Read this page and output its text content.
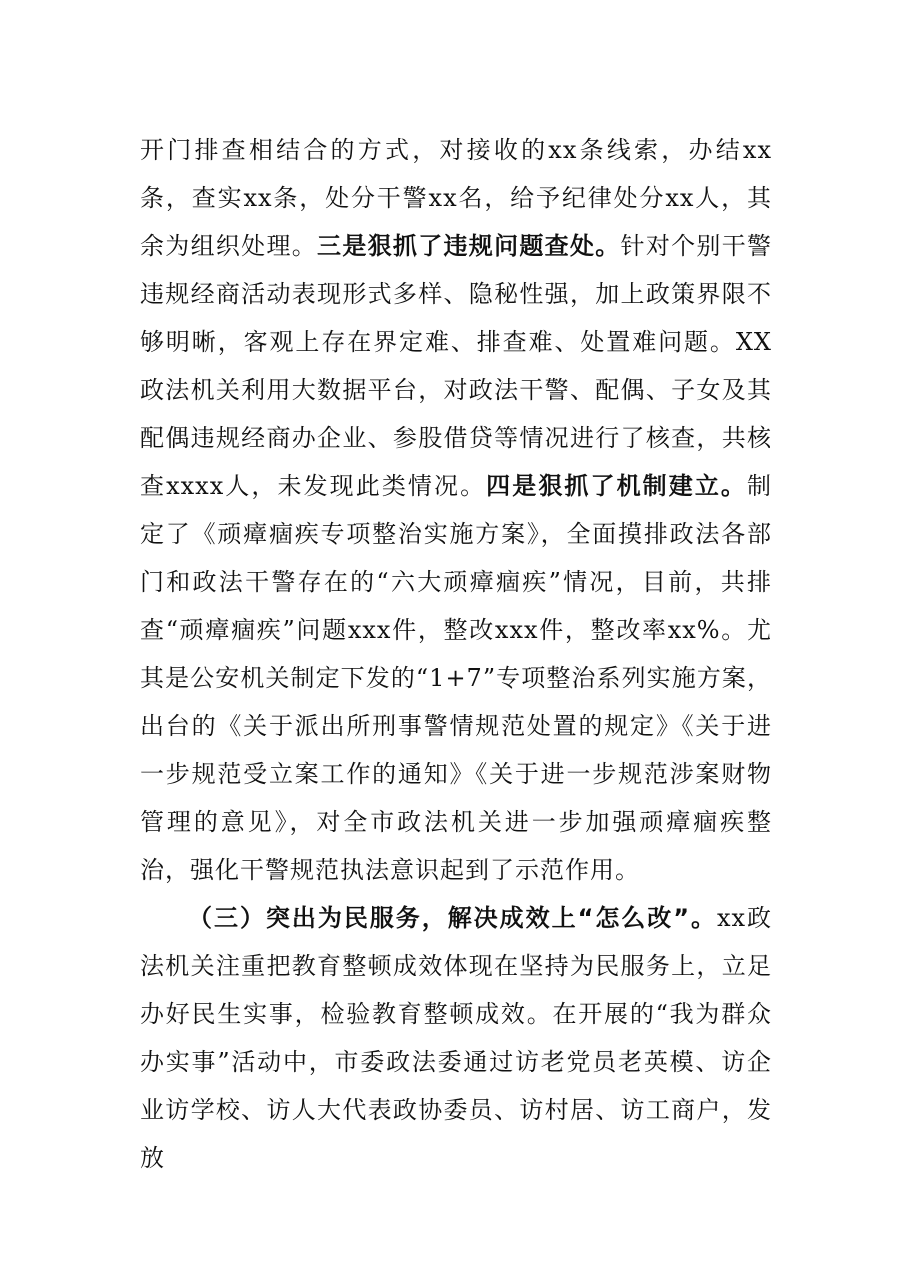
开门排查相结合的方式，对接收的xx条线索，办结xx条，查实xx条，处分干警xx名，给予纪律处分xx人，其余为组织处理。三是狠抓了违规问题查处。针对个别干警违规经商活动表现形式多样、隐秘性强，加上政策界限不够明晰，客观上存在界定难、排查难、处置难问题。XX政法机关利用大数据平台，对政法干警、配偶、子女及其配偶违规经商办企业、参股借贷等情况进行了核查，共核查xxxx人，未发现此类情况。四是狠抓了机制建立。制定了《顽瘴痼疾专项整治实施方案》，全面摸排政法各部门和政法干警存在的“六大顽瘴痼疾”情况，目前，共排查“顽瘴痼疾”问题xxx件，整改xxx件，整改率xx%。尤其是公安机关制定下发的“1+7”专项整治系列实施方案，出台的《关于派出所刑事警情规范处置的规定》《关于进一步规范受立案工作的通知》《关于进一步规范涉案财物管理的意见》，对全市政法机关进一步加强顽瘴痼疾整治，强化干警规范执法意识起到了示范作用。

（三）突出为民服务，解决成效上“怎么改”。xx政法机关注重把教育整顿成效体现在坚持为民服务上，立足办好民生实事，检验教育整顿成效。在开展的“我为群众办实事”活动中，市委政法委通过访老党员老英模、访企业访学校、访人大代表政协委员、访村居、访工商户，发放
